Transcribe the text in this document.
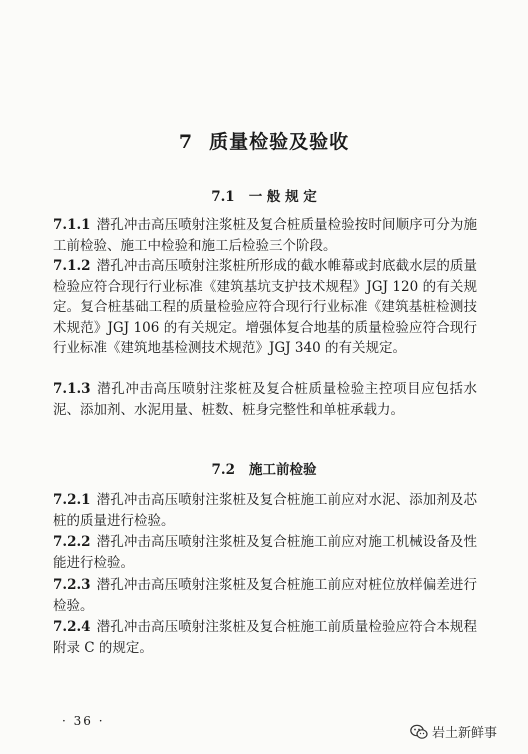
7 质量检验及验收
7.1 一 般 规 定
7.1.1 潜孔冲击高压喷射注浆桩及复合桩质量检验按时间顺序可分为施工前检验、施工中检验和施工后检验三个阶段。
7.1.2 潜孔冲击高压喷射注浆桩所形成的截水帷幕或封底截水层的质量检验应符合现行行业标准《建筑基坑支护技术规程》JGJ 120 的有关规定。复合桩基础工程的质量检验应符合现行行业标准《建筑基桩检测技术规范》JGJ 106 的有关规定。增强体复合地基的质量检验应符合现行行业标准《建筑地基检测技术规范》JGJ 340 的有关规定。
7.1.3 潜孔冲击高压喷射注浆桩及复合桩质量检验主控项目应包括水泥、添加剂、水泥用量、桩数、桩身完整性和单桩承载力。
7.2 施工前检验
7.2.1 潜孔冲击高压喷射注浆桩及复合桩施工前应对水泥、添加剂及芯桩的质量进行检验。
7.2.2 潜孔冲击高压喷射注浆桩及复合桩施工前应对施工机械设备及性能进行检验。
7.2.3 潜孔冲击高压喷射注浆桩及复合桩施工前应对桩位放样偏差进行检验。
7.2.4 潜孔冲击高压喷射注浆桩及复合桩施工前质量检验应符合本规程附录 C 的规定。
· 36 ·
岩土新鲜事
